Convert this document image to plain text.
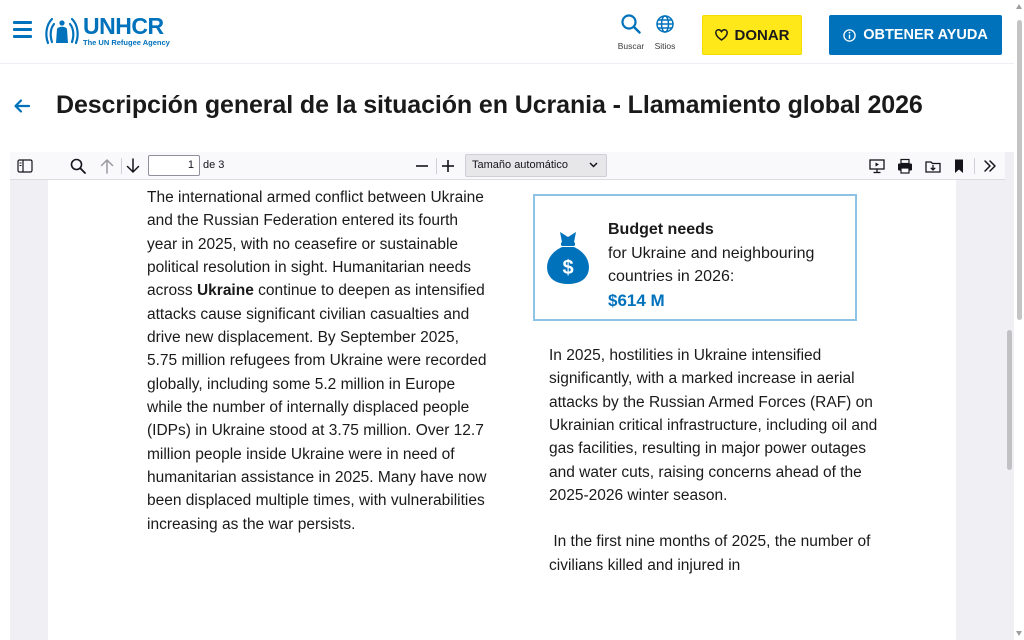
UNHCR
The UN Refugee Agency	Buscar	Sitios
DONAR	OBTENER AYUDA
Descripción general de la situación en Ucrania - Llamamiento global 2026
1 de 3	Tamaño automático
The international armed conflict between Ukraine and the Russian Federation entered its fourth year in 2025, with no ceasefire or sustainable political resolution in sight. Humanitarian needs across Ukraine continue to deepen as intensified attacks cause significant civilian casualties and drive new displacement. By September 2025, 5.75 million refugees from Ukraine were recorded globally, including some 5.2 million in Europe while the number of internally displaced people (IDPs) in Ukraine stood at 3.75 million. Over 12.7 million people inside Ukraine were in need of humanitarian assistance in 2025. Many have now been displaced multiple times, with vulnerabilities increasing as the war persists.
$
Budget needsfor Ukraine and neighbouring countries in 2026:
$614 M

In 2025, hostilities in Ukraine intensified significantly, with a marked increase in aerial attacks by the Russian Armed Forces (RAF) on Ukrainian critical infrastructure, including oil and gas facilities, resulting in major power outages and water cuts, raising concerns ahead of the 2025-2026 winter season.

In the first nine months of 2025, the number of civilians killed and injured in
